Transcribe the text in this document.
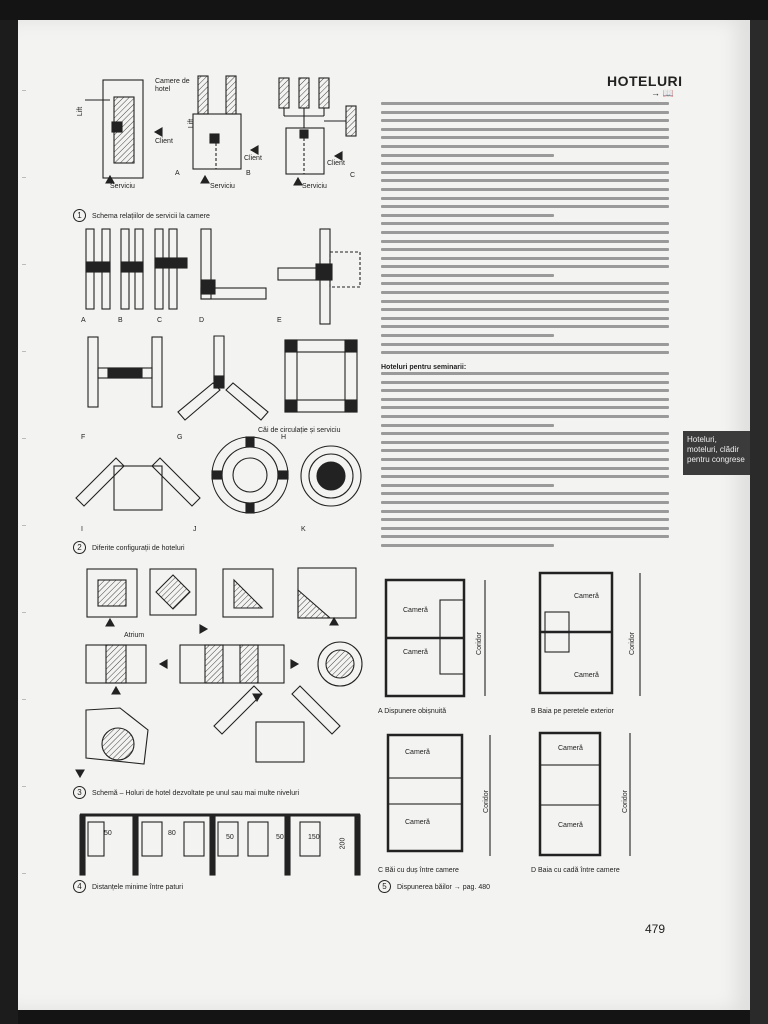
HOTELURI
→ 📖
Hoteluri pentru seminarii:
Hoteluri,
moteluri, clădir
pentru congrese
1 Schema relațiilor de servicii la camere
2 Diferite configurații de hoteluri
3 Schemă – Holuri de hotel dezvoltate pe unul sau mai multe niveluri
4 Distanțele minime între paturi	5 Dispunerea băilor → pag. 480
479
Camere de
hotel
Lift
Lift
Client
Client
Client
Serviciu	Serviciu	Serviciu
A	B	C
A	B	C	D	E
F	G	H
I	J	K
Căi de circulație și serviciu
Atrium
50	80
50	50	150
200
Cameră
Cameră
Cameră
Cameră
Cameră
Cameră
Cameră
Cameră
Coridor	Coridor
Coridor	Coridor
A Dispunere obișnuită	B Baia pe peretele exterior
C Băi cu duș între camere	D Baia cu cadă între camere
